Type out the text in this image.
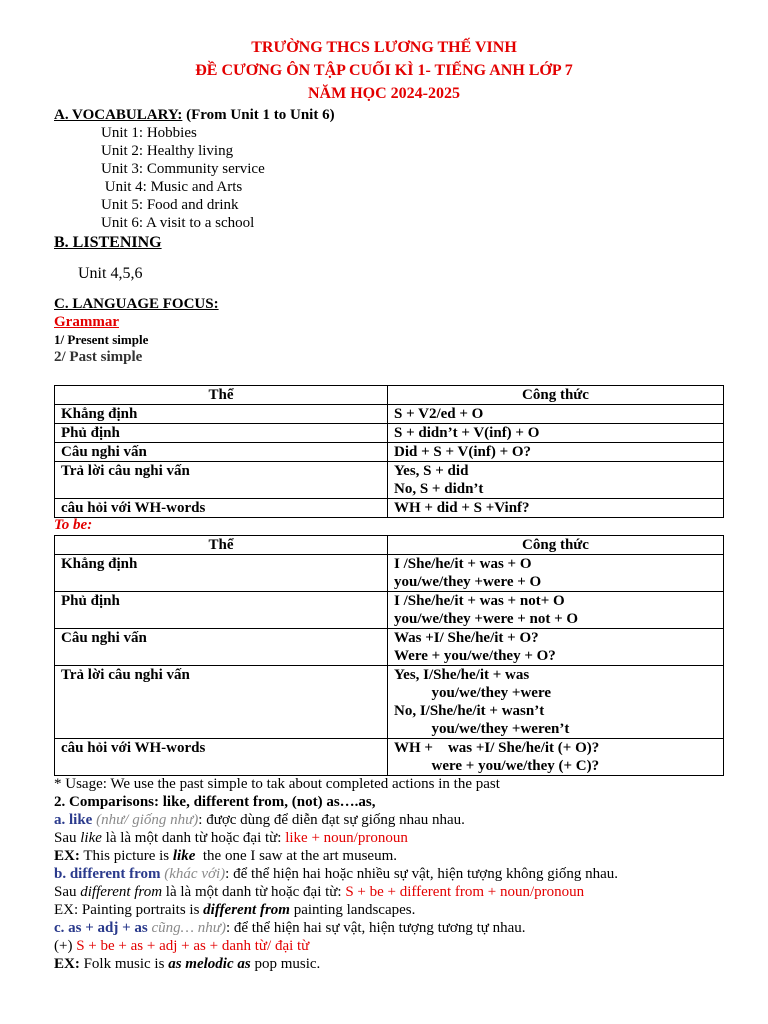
TRƯỜNG THCS LƯƠNG THẾ VINH
ĐỀ CƯƠNG ÔN TẬP CUỐI KÌ 1- TIẾNG ANH LỚP 7
NĂM HỌC 2024-2025
A. VOCABULARY: (From Unit 1 to Unit 6)
Unit 1: Hobbies
Unit 2: Healthy living
Unit 3: Community service
Unit 4: Music and Arts
Unit 5: Food and drink
Unit 6: A visit to a school
B. LISTENING
Unit 4,5,6
C. LANGUAGE FOCUS:
Grammar
1/ Present simple
2/ Past simple
Thể	Công thức
Khẳng định	S + V2/ed + O

Phủ định	S + didn’t + V(inf) + O

Câu nghi vấn	Did + S + V(inf) + O?

Trả lời câu nghi vấn	Yes, S + did
No, S + didn’t

câu hỏi với WH-words	WH + did + S +Vinf?
To be:
Thể	Công thức
Khẳng định	I /She/he/it + was + O
you/we/they +were + O

Phủ định	I /She/he/it + was + not+ O
you/we/they +were + not + O

Câu nghi vấn	Was +I/ She/he/it + O?
Were + you/we/they + O?

Trả lời câu nghi vấn	Yes, I/She/he/it + was
you/we/they +were
No, I/She/he/it + wasn’t
you/we/they +weren’t

câu hỏi với WH-words	WH +    was +I/ She/he/it (+ O)?
were + you/we/they (+ C)?
* Usage: We use the past simple to tak about completed actions in the past
2. Comparisons: like, different from, (not) as….as,
a. like (như/ giống như): được dùng để diễn đạt sự giống nhau nhau.
Sau like là là một danh từ hoặc đại từ: like + noun/pronoun
EX: This picture is like  the one I saw at the art museum.
b. different from (khác với): để thể hiện hai hoặc nhiều sự vật, hiện tượng không giống nhau.
Sau different from là là một danh từ hoặc đại từ: S + be + different from + noun/pronoun
EX: Painting portraits is different from painting landscapes.
c. as + adj + as cũng… như): để thể hiện hai sự vật, hiện tượng tương tự nhau.
(+) S + be + as + adj + as + danh từ/ đại từ
EX: Folk music is as melodic as pop music.
